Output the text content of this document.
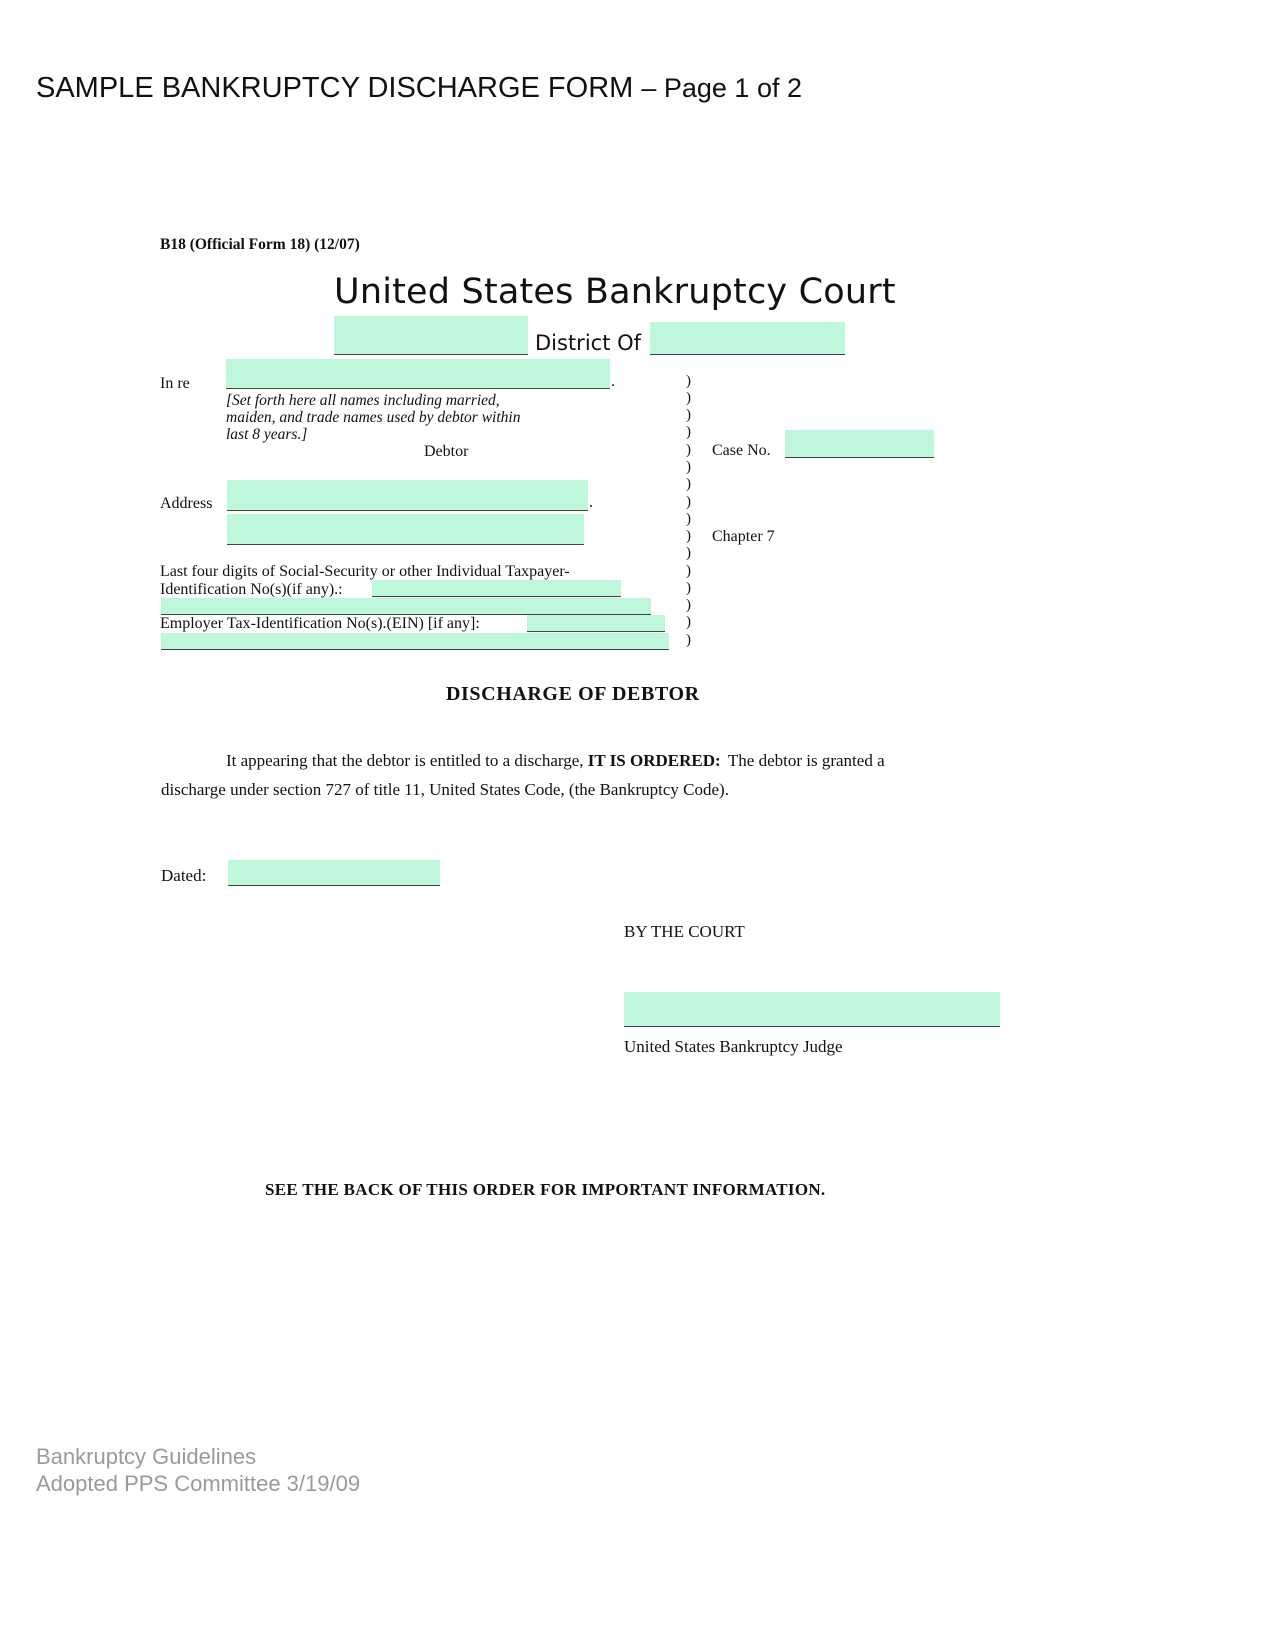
SAMPLE BANKRUPTCY DISCHARGE FORM – Page 1 of 2
B18 (Official Form 18) (12/07)
United States Bankruptcy Court
District Of
In re	.
[Set forth here all names including married,
maiden, and trade names used by debtor within
last 8 years.]
Debtor
Address	.
Last four digits of Social-Security or other Individual Taxpayer-
Identification No(s)(if any).:
Employer Tax-Identification No(s).(EIN) [if any]:
)
)
)
)
)
)
)
)
)
)
)
)
)
)
)
)
Case No.
Chapter 7
DISCHARGE OF DEBTOR
It appearing that the debtor is entitled to a discharge, IT IS ORDERED: The debtor is granted a
discharge under section 727 of title 11, United States Code, (the Bankruptcy Code).
Dated:
BY THE COURT
United States Bankruptcy Judge
SEE THE BACK OF THIS ORDER FOR IMPORTANT INFORMATION.
Bankruptcy Guidelines
Adopted PPS Committee 3/19/09
